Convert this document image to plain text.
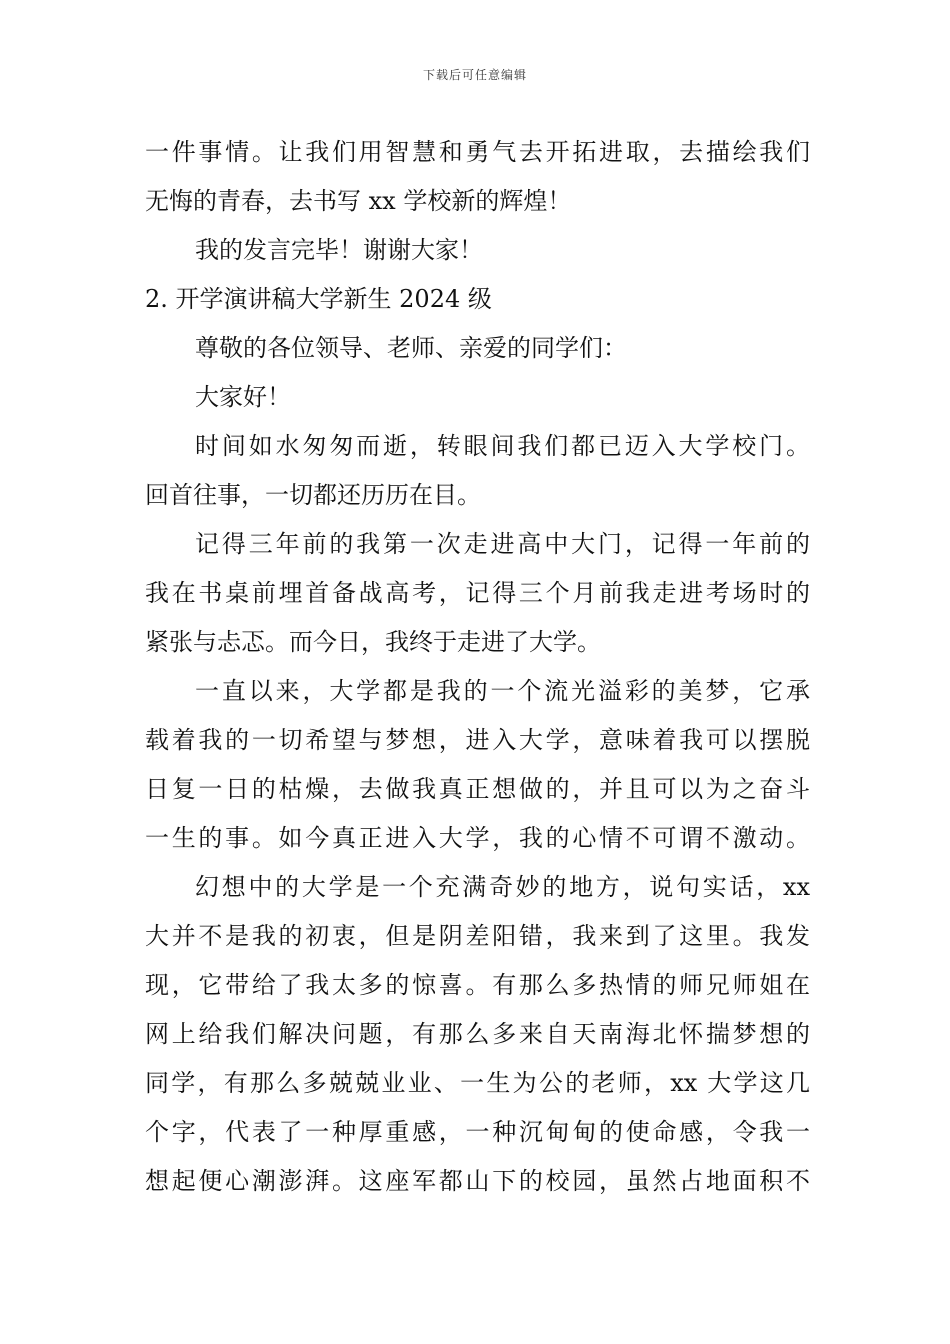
下载后可任意编辑
一件事情。让我们用智慧和勇气去开拓进取，去描绘我们
无悔的青春，去书写 xx 学校新的辉煌！
我的发言完毕！谢谢大家！
2. 开学演讲稿大学新生 2024 级
尊敬的各位领导、老师、亲爱的同学们：
大家好！
时间如水匆匆而逝，转眼间我们都已迈入大学校门。
回首往事，一切都还历历在目。
记得三年前的我第一次走进高中大门，记得一年前的
我在书桌前埋首备战高考，记得三个月前我走进考场时的
紧张与忐忑。而今日，我终于走进了大学。
一直以来，大学都是我的一个流光溢彩的美梦，它承
载着我的一切希望与梦想，进入大学，意味着我可以摆脱
日复一日的枯燥，去做我真正想做的，并且可以为之奋斗
一生的事。如今真正进入大学，我的心情不可谓不激动。
幻想中的大学是一个充满奇妙的地方，说句实话，xx
大并不是我的初衷，但是阴差阳错，我来到了这里。我发
现，它带给了我太多的惊喜。有那么多热情的师兄师姐在
网上给我们解决问题，有那么多来自天南海北怀揣梦想的
同学，有那么多兢兢业业、一生为公的老师，xx 大学这几
个字，代表了一种厚重感，一种沉甸甸的使命感，令我一
想起便心潮澎湃。这座军都山下的校园，虽然占地面积不
